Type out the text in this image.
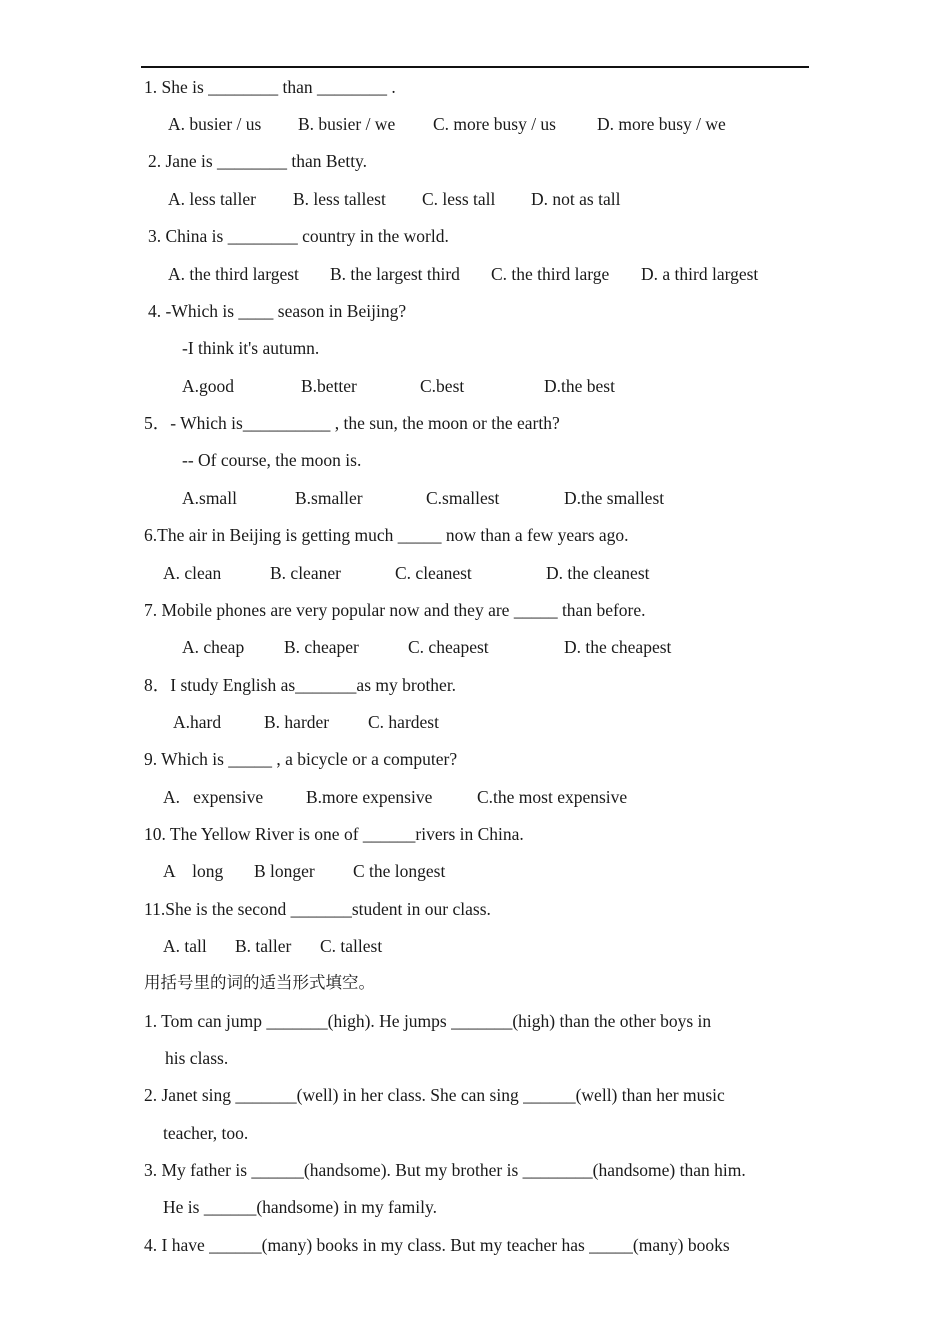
1. She is ________ than ________ .
A. busier / us B. busier / we C. more busy / us D. more busy / we
2. Jane is ________ than Betty.
A. less taller B. less tallest C. less tall D. not as tall
3. China is ________ country in the world.
A. the third largest B. the largest third C. the third large D. a third largest
4. -Which is ____ season in Beijing?
-I think it's autumn.
A.good	B.better	C.best	D.the best
5．- Which is__________ , the sun, the moon or the earth?
-- Of course, the moon is.
A.small	B.smaller	C.smallest	D.the smallest
6.The air in Beijing is getting much _____ now than a few years ago.
A. clean	B. cleaner	C. cleanest	D. the cleanest
7. Mobile phones are very popular now and they are _____ than before.
A. cheap B. cheaper	C. cheapest	D. the cheapest
8．I study English as_______as my brother.
A.hard B. harder C. hardest
9. Which is _____ , a bicycle or a computer?
A.   expensive B.more expensive	C.the most expensive
10. The Yellow River is one of ______rivers in China.
A    long B longer C the longest
11.She is the second _______student in our class.
A. tall B. taller C. tallest
用括号里的词的适当形式填空。
1. Tom can jump _______(high). He jumps _______(high) than the other boys in
his class.
2. Janet sing _______(well) in her class. She can sing ______(well) than her music
teacher, too.
3. My father is ______(handsome). But my brother is ________(handsome) than him.
He is ______(handsome) in my family.
4. I have ______(many) books in my class. But my teacher has _____(many) books
